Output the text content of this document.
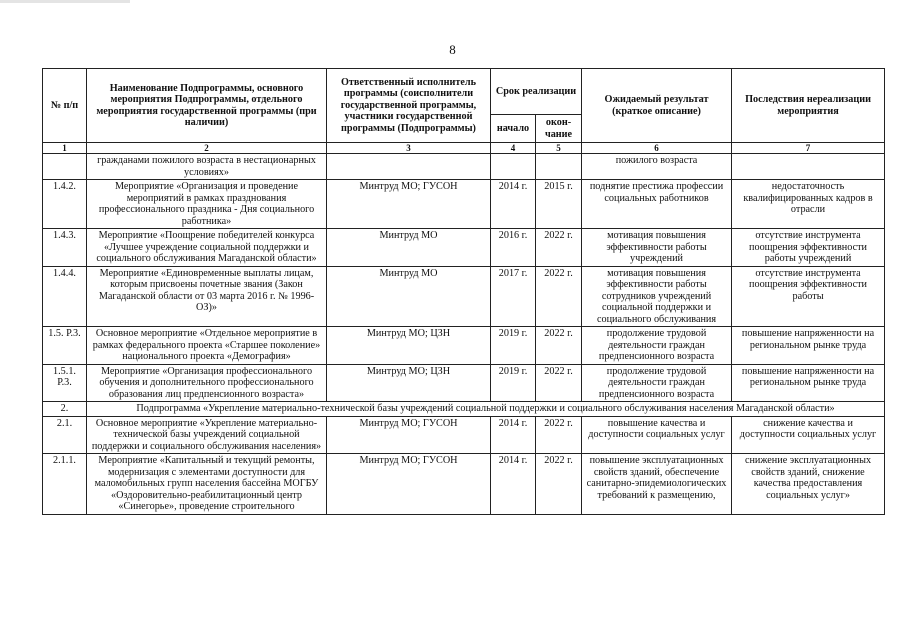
8
№ п/п	Наименование Подпрограммы, основного мероприятия Подпрограммы, отдельного мероприятия государственной программы (при наличии)	Ответственный исполнитель программы (соисполнители государственной программы, участники государственной программы (Подпрограммы)	Срок реализации		Ожидаемый результат (краткое описание)	Последствия нереализации мероприятия
			начало	окон-чание		
1	2	3	4	5	6	7
	гражданами пожилого возраста в нестационарных условиях»				пожилого возраста	
1.4.2.	Мероприятие «Организация и проведение мероприятий в рамках празднования профессионального праздника - Дня социального работника»	Минтруд МО; ГУСОН	2014 г.	2015 г.	поднятие престижа профессии социальных работников	недостаточность квалифицированных кадров в отрасли
1.4.3.	Мероприятие «Поощрение победителей конкурса «Лучшее учреждение социальной поддержки и социального обслуживания Магаданской области»	Минтруд МО	2016 г.	2022 г.	мотивация повышения эффективности работы учреждений	отсутствие инструмента поощрения эффективности работы учреждений
1.4.4.	Мероприятие «Единовременные выплаты лицам, которым присвоены почетные звания (Закон Магаданской области от 03 марта 2016 г. № 1996-ОЗ)»	Минтруд МО	2017 г.	2022 г.	мотивация повышения эффективности работы сотрудников учреждений социальной поддержки и социального обслуживания	отсутствие инструмента поощрения эффективности работы
1.5. Р.3.	Основное мероприятие «Отдельное мероприятие в рамках федерального проекта «Старшее поколение» национального проекта «Демография»	Минтруд МО; ЦЗН	2019 г.	2022 г.	продолжение трудовой деятельности граждан предпенсионного возраста	повышение напряженности на региональном рынке труда
1.5.1. Р.3.	Мероприятие «Организация профессионального обучения и дополнительного профессионального образования лиц предпенсионного возраста»	Минтруд МО; ЦЗН	2019 г.	2022 г.	продолжение трудовой деятельности граждан предпенсионного возраста	повышение напряженности на региональном рынке труда
2.	Подпрограмма «Укрепление материально-технической базы учреждений социальной поддержки и социального обслуживания населения Магаданской области»					
2.1.	Основное мероприятие «Укрепление материально-технической базы учреждений социальной поддержки и социального обслуживания населения»	Минтруд МО; ГУСОН	2014 г.	2022 г.	повышение качества и доступности социальных услуг	снижение качества и доступности социальных услуг
2.1.1.	Мероприятие «Капитальный и текущий ремонты, модернизация с элементами доступности для маломобильных групп населения бассейна МОГБУ «Оздоровительно-реабилитационный центр «Синегорье», проведение строительного	Минтруд МО; ГУСОН	2014 г.	2022 г.	повышение эксплуатационных свойств зданий, обеспечение санитарно-эпидемиологических требований к размещению,	снижение эксплуатационных свойств зданий, снижение качества предоставления социальных услуг»
